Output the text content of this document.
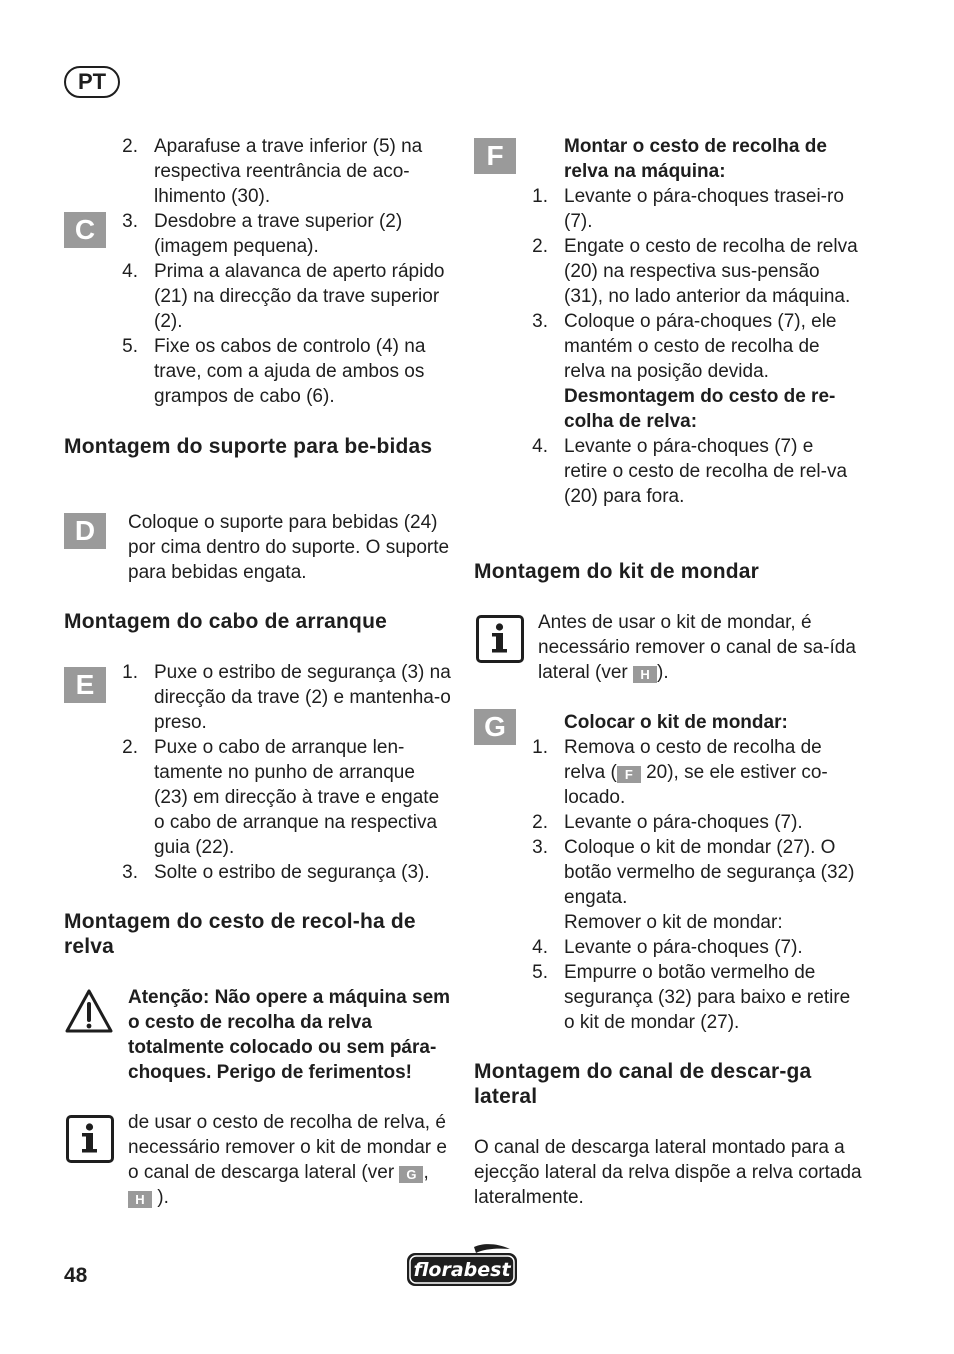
PT
C
2. Aparafuse a trave inferior (5) na respectiva reentrância de aco-lhimento (30).
3. Desdobre a trave superior (2) (imagem pequena).
4. Prima a alavanca de aperto rápido (21) na direcção da trave superior (2).
5. Fixe os cabos de controlo (4) na trave, com a ajuda de ambos os grampos de cabo (6).
Montagem do suporte para be-bidas
D	Coloque o suporte para bebidas (24) por cima dentro do suporte. O suporte para bebidas engata.
Montagem do cabo de arranque
E	1. Puxe o estribo de segurança (3) na direcção da trave (2) e mantenha-o preso.
2. Puxe o cabo de arranque len-tamente no punho de arranque (23) em direcção à trave e engate o cabo de arranque na respectiva guia (22).
3. Solte o estribo de segurança (3).
Montagem do cesto de recol-ha de relva
Atenção: Não opere a máquina sem o cesto de recolha da relva totalmente colocado ou sem pára-choques. Perigo de ferimentos!
de usar o cesto de recolha de relva, é necessário remover o kit de mondar e o canal de descarga lateral (ver G , H ).
F	Montar o cesto de recolha de relva na máquina:

1. Levante o pára-choques trasei-ro (7).
2. Engate o cesto de recolha de relva (20) na respectiva sus-pensão (31), no lado anterior da máquina.
3. Coloque o pára-choques (7), ele mantém o cesto de recolha de relva na posição devida.

Desmontagem do cesto de re-colha de relva:

4. Levante o pára-choques (7) e retire o cesto de recolha de rel-va (20) para fora.
Montagem do kit de mondar
Antes de usar o kit de mondar, é necessário remover o canal de sa-ída lateral (ver H ).
G	Colocar o kit de mondar:

1. Remova o cesto de recolha de relva ( F 20), se ele estiver co-locado.
2. Levante o pára-choques (7).
3. Coloque o kit de mondar (27). O botão vermelho de segurança (32) engata.

Remover o kit de mondar:

4. Levante o pára-choques (7).
5. Empurre o botão vermelho de segurança (32) para baixo e retire o kit de mondar (27).
Montagem do canal de descar-ga lateral
O canal de descarga lateral montado para a ejecção lateral da relva dispõe a relva cortada lateralmente.
48	florabest
